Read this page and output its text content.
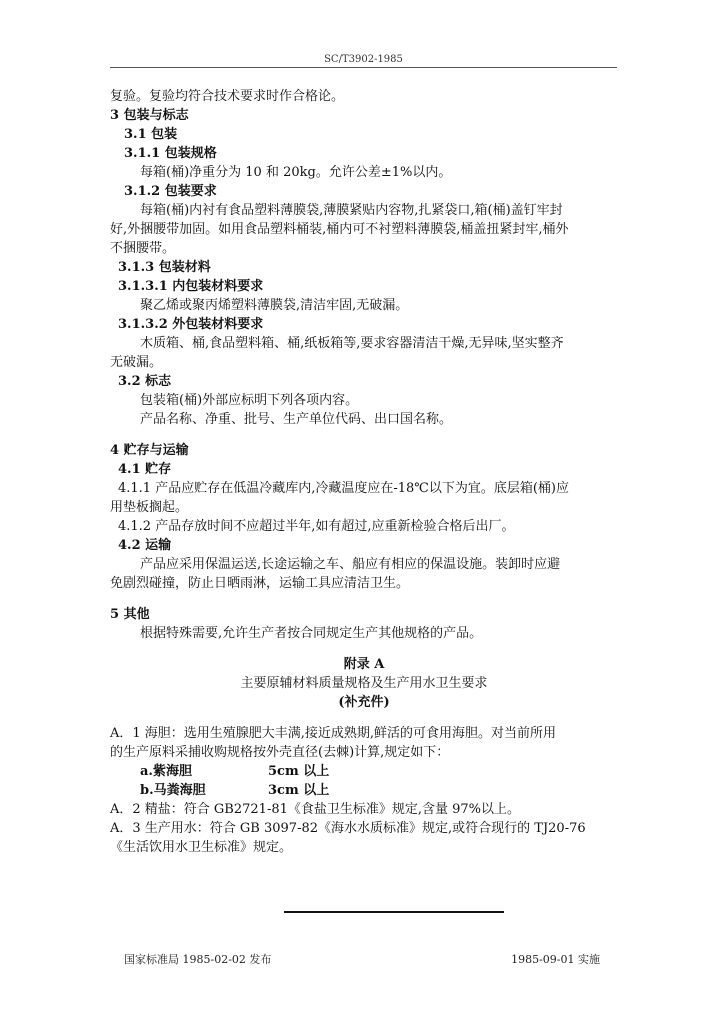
SC/T3902-1985

复验。复验均符合技术要求时作合格论。

3 包装与标志

3.1 包装

3.1.1 包装规格

每箱(桶)净重分为 10 和 20kg。允许公差±1%以内。

3.1.2 包装要求

每箱(桶)内衬有食品塑料薄膜袋,薄膜紧贴内容物,扎紧袋口,箱(桶)盖钉牢封

好,外捆腰带加固。如用食品塑料桶装,桶内可不衬塑料薄膜袋,桶盖扭紧封牢,桶外

不捆腰带。

3.1.3 包装材料

3.1.3.1 内包装材料要求

聚乙烯或聚丙烯塑料薄膜袋,清洁牢固,无破漏。

3.1.3.2 外包装材料要求

木质箱、桶,食品塑料箱、桶,纸板箱等,要求容器清洁干燥,无异味,坚实整齐

无破漏。

3.2 标志

包装箱(桶)外部应标明下列各项内容。

产品名称、净重、批号、生产单位代码、出口国名称。

4 贮存与运输

4.1 贮存

4.1.1 产品应贮存在低温冷藏库内,冷藏温度应在-18℃以下为宜。底层箱(桶)应

用垫板搁起。

4.1.2 产品存放时间不应超过半年,如有超过,应重新检验合格后出厂。

4.2 运输

产品应采用保温运送,长途运输之车、船应有相应的保温设施。装卸时应避

免剧烈碰撞，防止日晒雨淋，运输工具应清洁卫生。

5 其他

根据特殊需要,允许生产者按合同规定生产其他规格的产品。

附录 A

主要原辅材料质量规格及生产用水卫生要求

(补充件)

A．1 海胆：选用生殖腺肥大丰满,接近成熟期,鲜活的可食用海胆。对当前所用

的生产原料采捕收购规格按外壳直径(去棘)计算,规定如下：

a.紫海胆	5cm 以上
b.马粪海胆	3cm 以上

A．2 精盐：符合 GB2721-81《食盐卫生标准》规定,含量 97%以上。

A．3 生产用水：符合 GB 3097-82《海水水质标准》规定,或符合现行的 TJ20-76

《生活饮用水卫生标准》规定。

国家标准局 1985-02-02 发布	1985-09-01 实施
